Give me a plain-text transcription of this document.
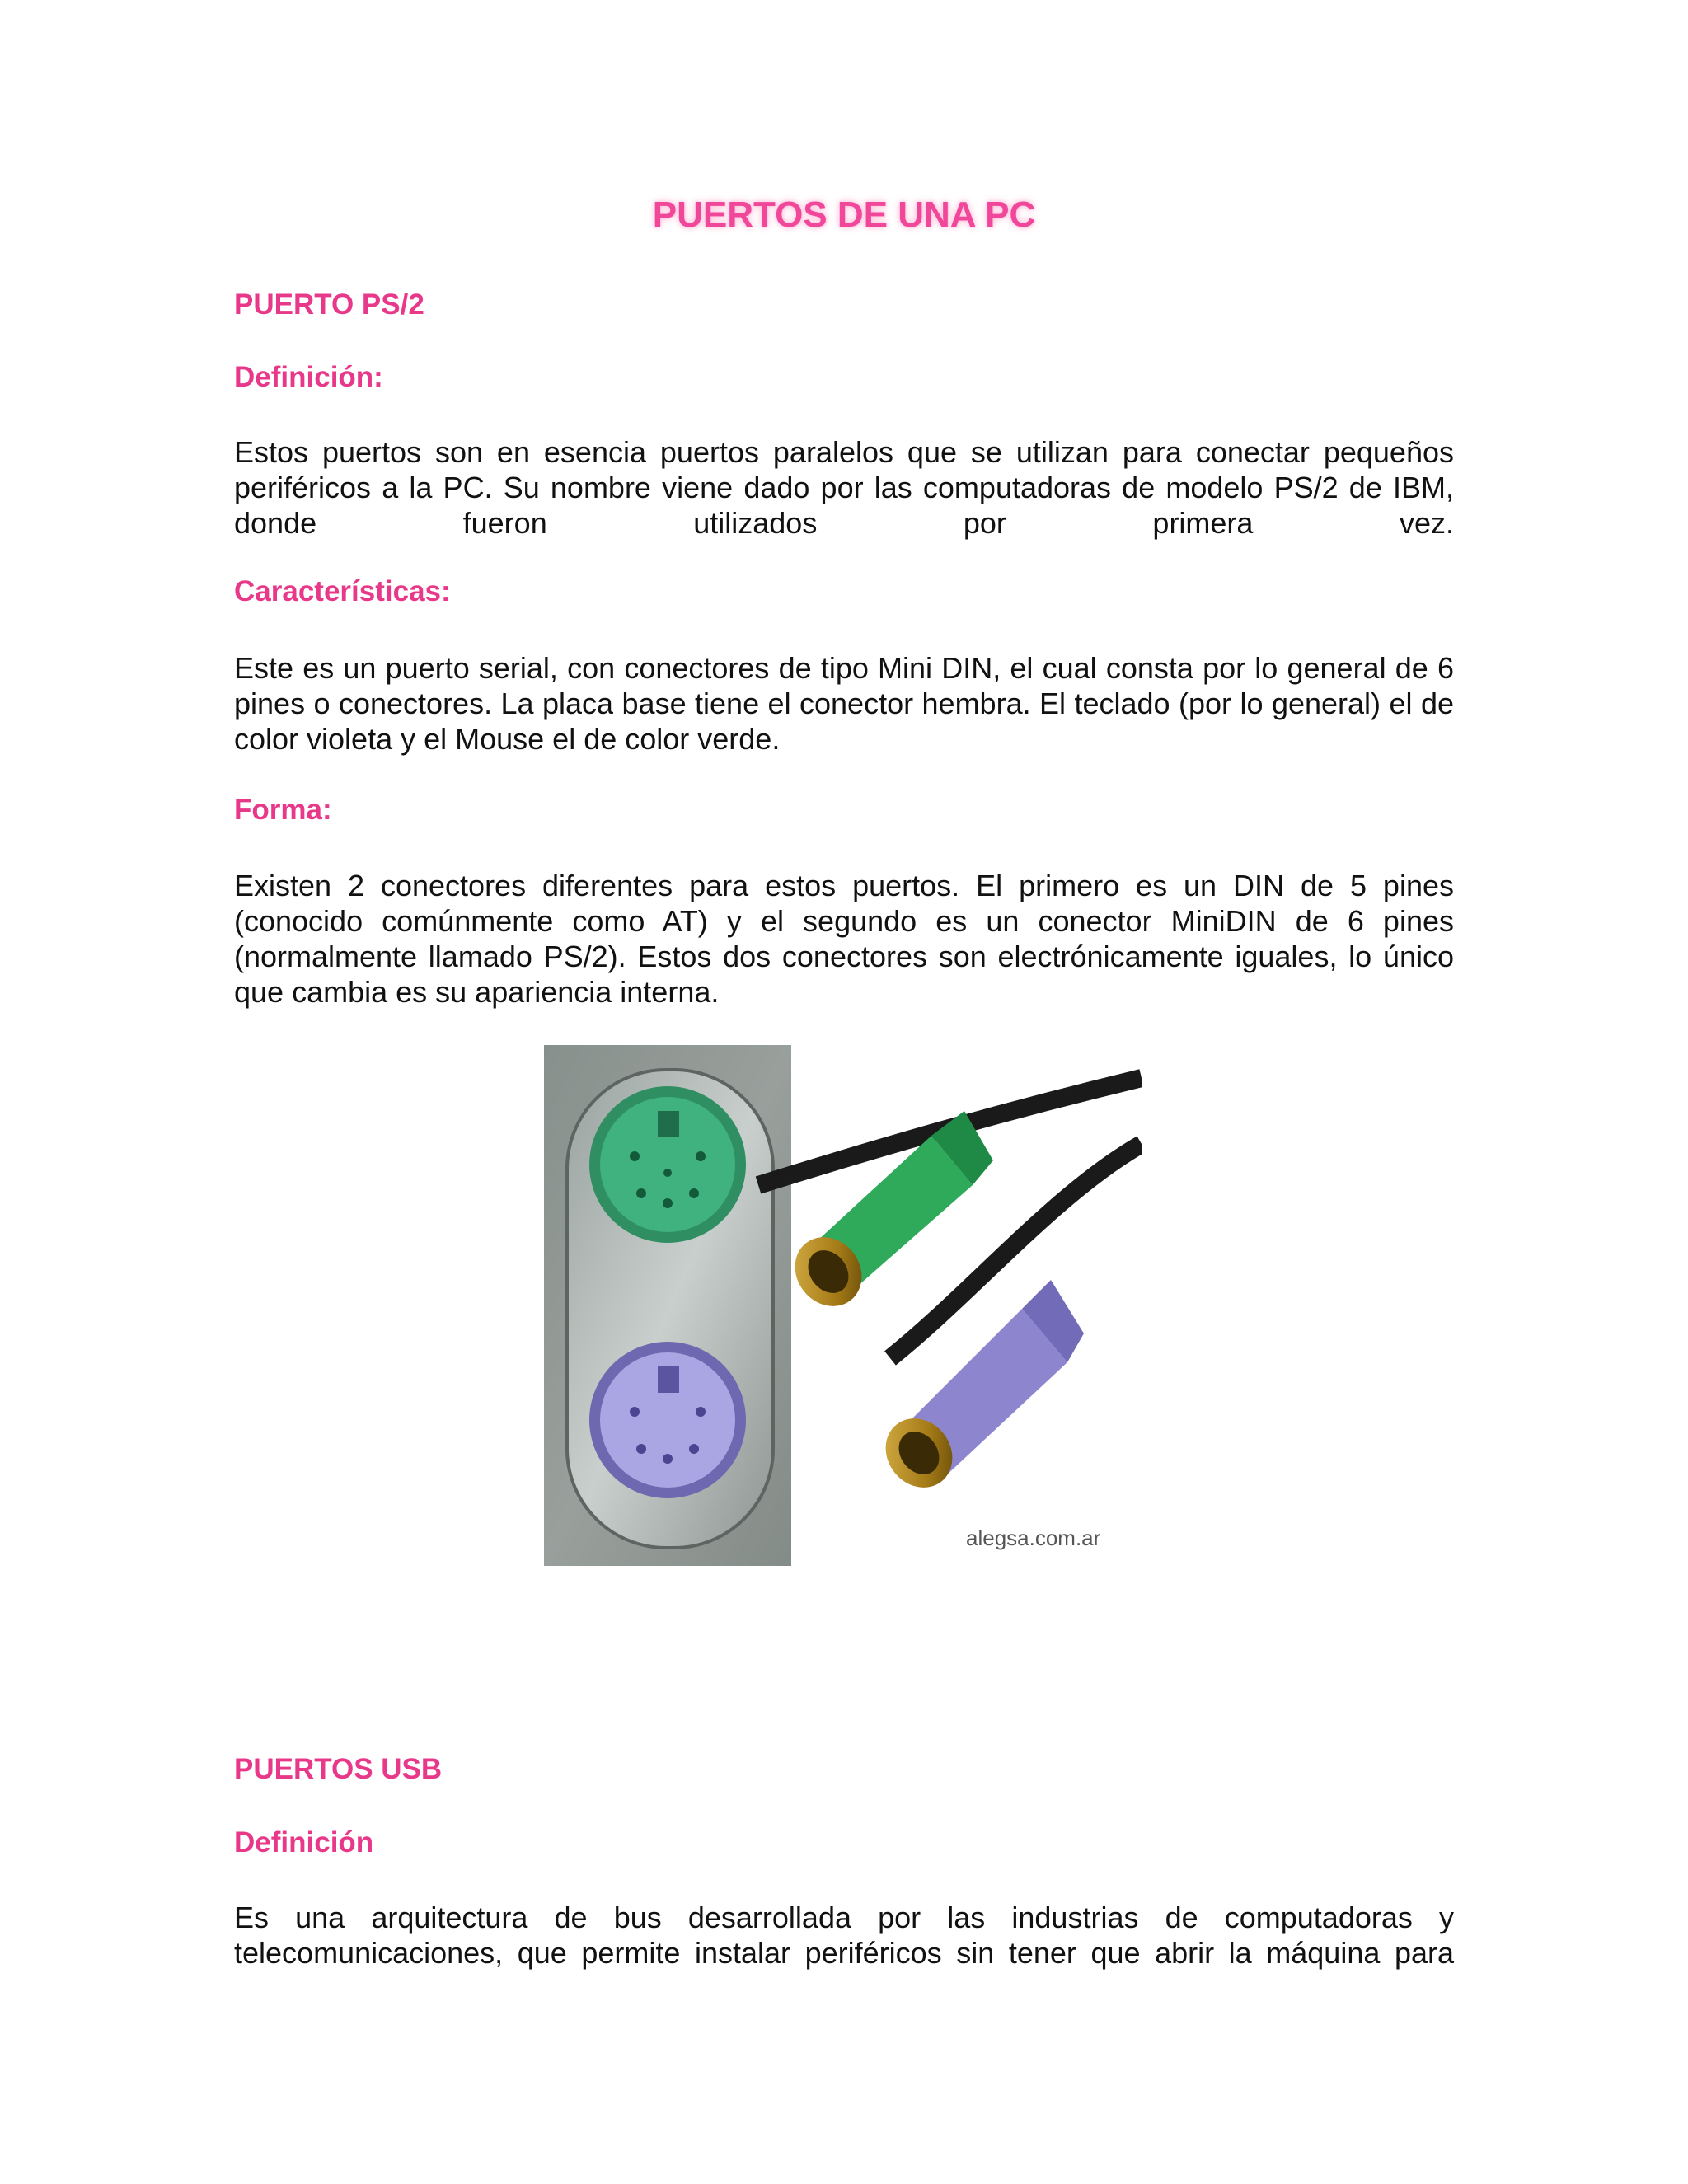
PUERTOS DE UNA PC
PUERTO PS/2
Definición:
Estos puertos son en esencia puertos paralelos que se utilizan para conectar pequeños periféricos a la PC. Su nombre viene dado por las computadoras de modelo PS/2 de IBM, donde fueron utilizados por primera vez.
Características:
Este es un puerto serial, con conectores de tipo Mini DIN, el cual consta por lo general de 6 pines o conectores. La placa base tiene el conector hembra. El teclado (por lo general) el de color violeta y el Mouse el de color verde.
Forma:
Existen 2 conectores diferentes para estos puertos. El primero es un DIN de 5 pines (conocido comúnmente como AT) y el segundo es un conector MiniDIN de 6 pines (normalmente llamado PS/2). Estos dos conectores son electrónicamente iguales, lo único que cambia es su apariencia interna.
alegsa.com.ar
PUERTOS USB
Definición
Es una arquitectura de bus desarrollada por las industrias de computadoras y telecomunicaciones, que permite instalar periféricos sin tener que abrir la máquina para
